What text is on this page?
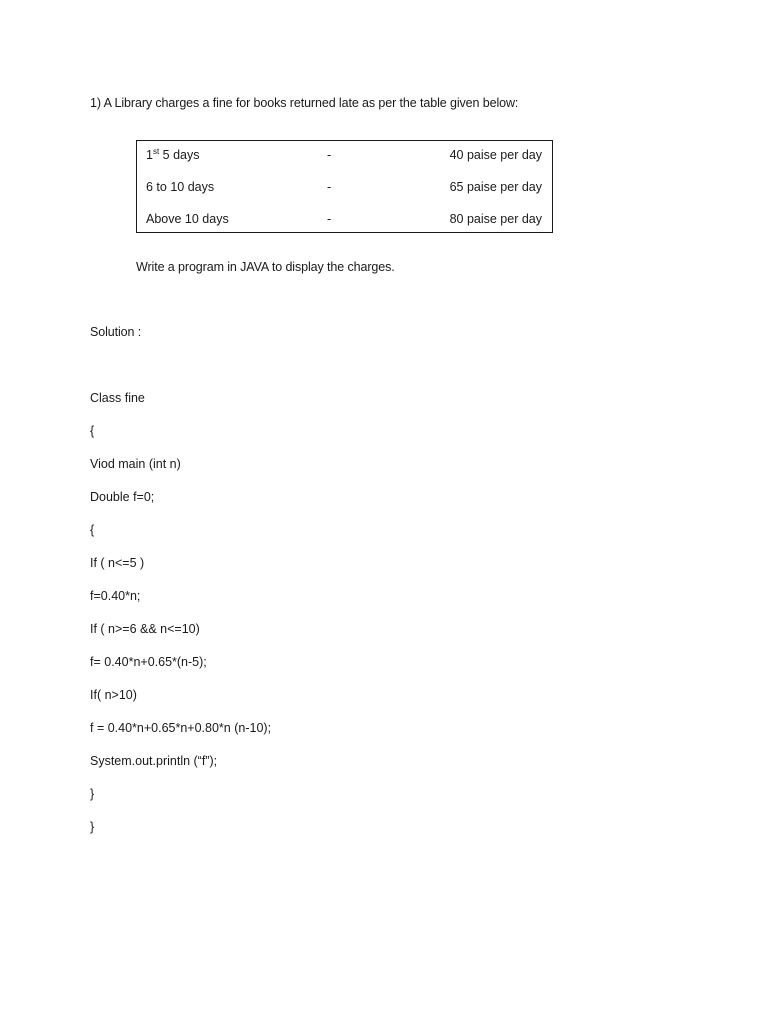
1) A Library charges a fine for books returned late as per the table given below:
1st 5 days	-	40 paise per day
6 to 10 days	-	65 paise per day
Above 10 days	-	80 paise per day
Write a program in JAVA to display the charges.
Solution :
Class fine
{
Viod main (int n)
Double f=0;
{
If ( n<=5 )
f=0.40*n;
If ( n>=6 && n<=10)
f= 0.40*n+0.65*(n-5);
If( n>10)
f = 0.40*n+0.65*n+0.80*n (n-10);
System.out.println (“f”);
}
}
